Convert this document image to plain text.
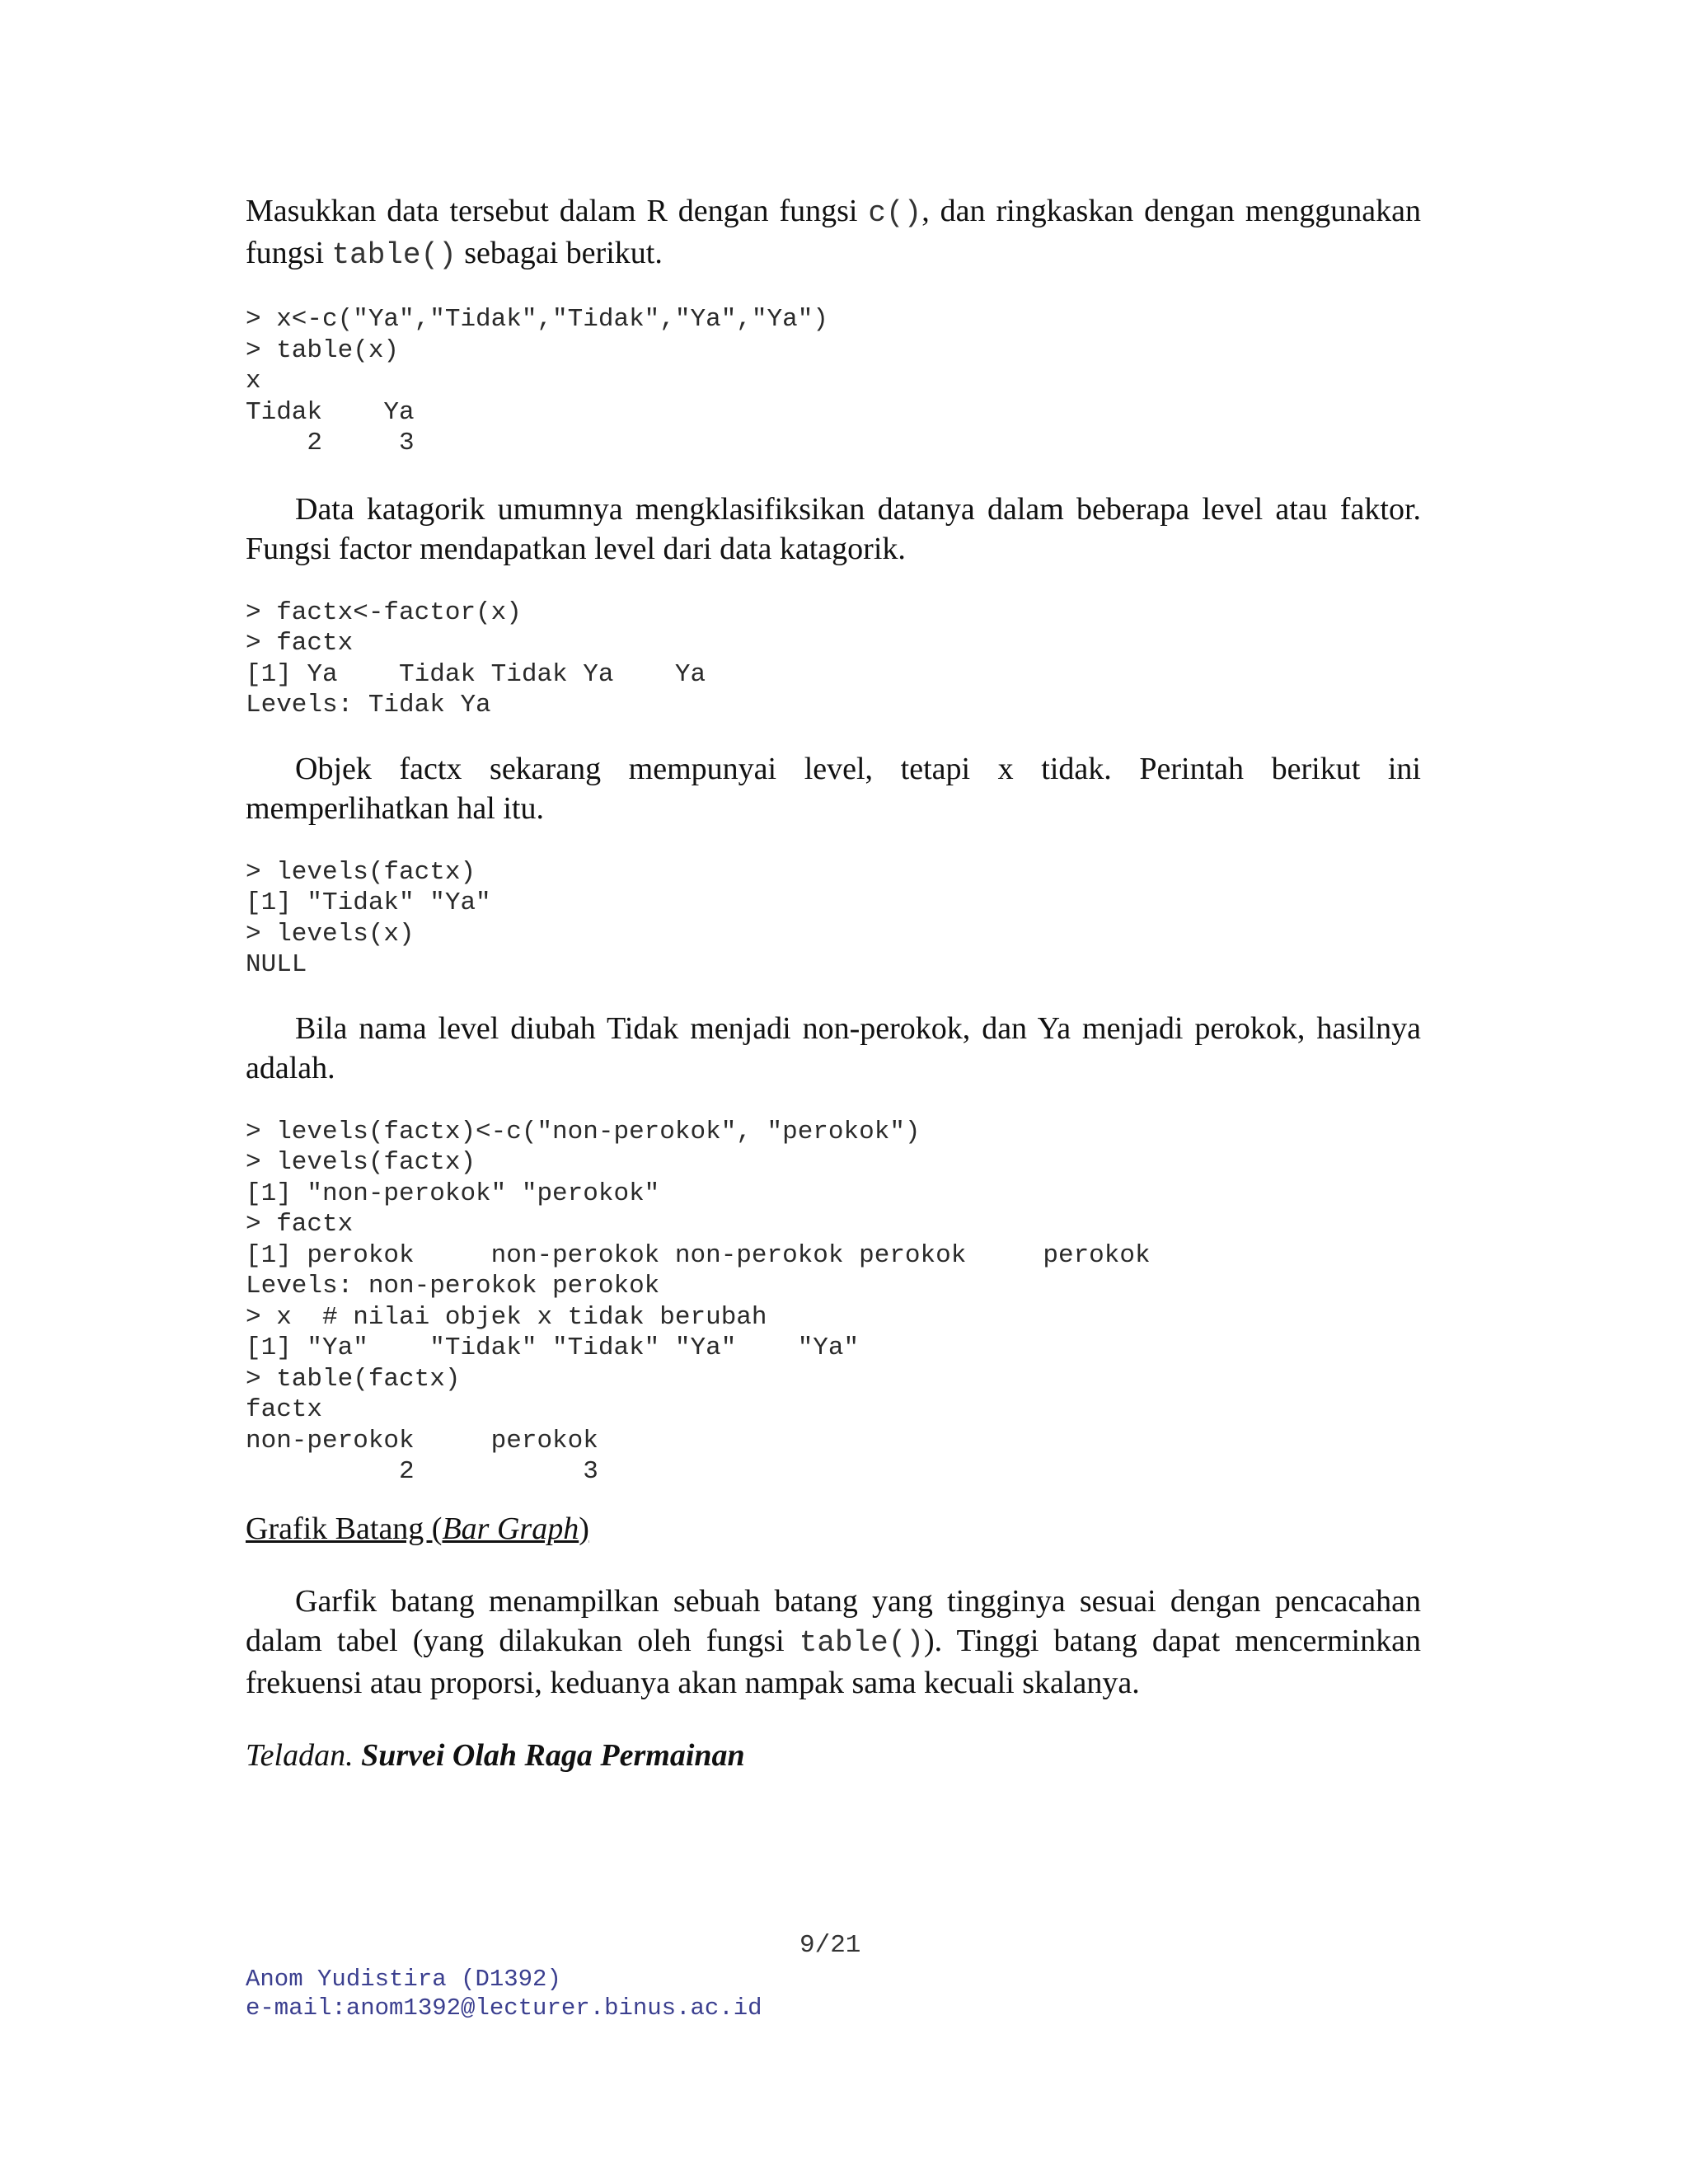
Masukkan data tersebut dalam R dengan fungsi c(), dan ringkaskan dengan menggunakan fungsi table() sebagai berikut.

> x<-c("Ya","Tidak","Tidak","Ya","Ya")
> table(x)
x
Tidak    Ya
2     3

Data katagorik umumnya mengklasifiksikan datanya dalam beberapa level atau faktor. Fungsi factor mendapatkan level dari data katagorik.

> factx<-factor(x)
> factx
[1] Ya    Tidak Tidak Ya    Ya
Levels: Tidak Ya

Objek factx sekarang mempunyai level, tetapi x tidak. Perintah berikut ini memperlihatkan hal itu.

> levels(factx)
[1] "Tidak" "Ya"
> levels(x)
NULL

Bila nama level diubah Tidak menjadi non-perokok, dan Ya menjadi perokok, hasilnya adalah.

> levels(factx)<-c("non-perokok", "perokok")
> levels(factx)
[1] "non-perokok" "perokok"
> factx
[1] perokok     non-perokok non-perokok perokok     perokok
Levels: non-perokok perokok
> x  # nilai objek x tidak berubah
[1] "Ya"    "Tidak" "Tidak" "Ya"    "Ya"
> table(factx)
factx
non-perokok     perokok
2           3

Grafik Batang (Bar Graph)

Garfik batang menampilkan sebuah batang yang tingginya sesuai dengan pencacahan dalam tabel (yang dilakukan oleh fungsi table()). Tinggi batang dapat mencerminkan frekuensi atau proporsi, keduanya akan nampak sama kecuali skalanya.

Teladan. Survei Olah Raga Permainan

9/21
Anom Yudistira (D1392)
e-mail:anom1392@lecturer.binus.ac.id
